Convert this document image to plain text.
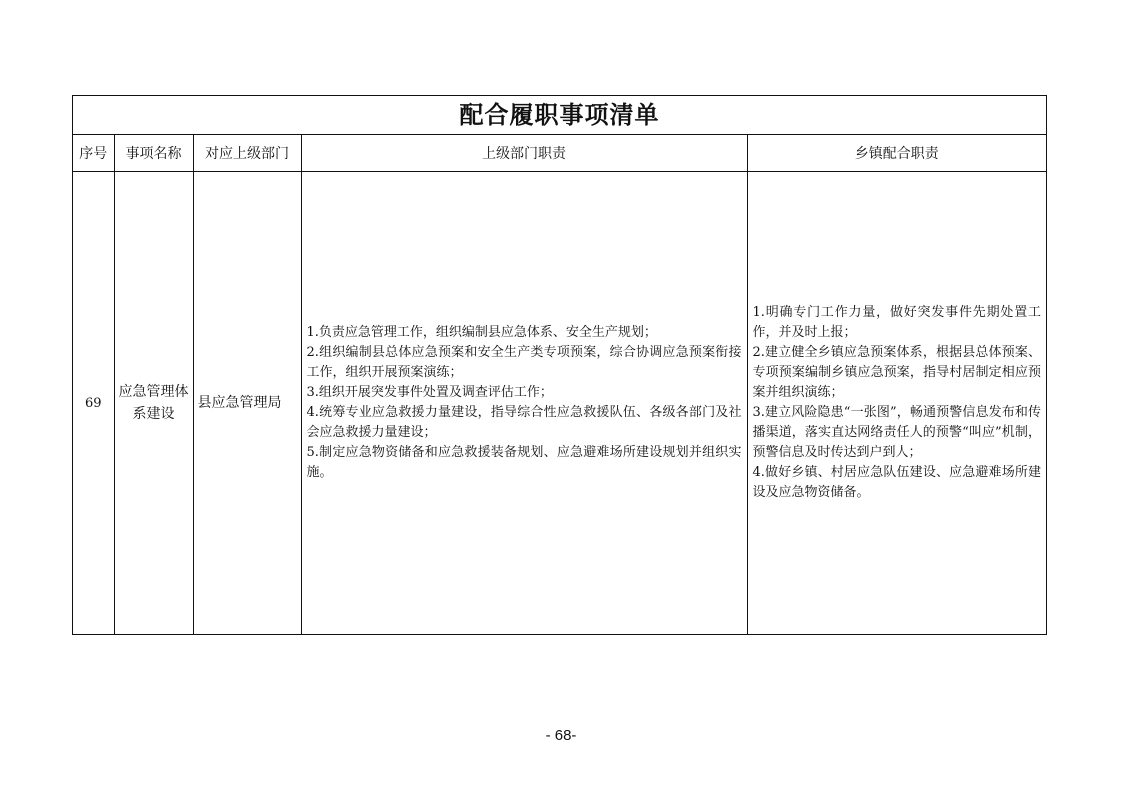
配合履职事项清单
序号	事项名称	对应上级部门	上级部门职责	乡镇配合职责
69	应急管理体系建设	县应急管理局	1.负责应急管理工作，组织编制县应急体系、安全生产规划；
2.组织编制县总体应急预案和安全生产类专项预案，综合协调应急预案衔接工作，组织开展预案演练；
3.组织开展突发事件处置及调查评估工作；
4.统筹专业应急救援力量建设，指导综合性应急救援队伍、各级各部门及社会应急救援力量建设；
5.制定应急物资储备和应急救援装备规划、应急避难场所建设规划并组织实施。	1.明确专门工作力量，做好突发事件先期处置工作，并及时上报；
2.建立健全乡镇应急预案体系，根据县总体预案、专项预案编制乡镇应急预案，指导村居制定相应预案并组织演练；
3.建立风险隐患“一张图”，畅通预警信息发布和传播渠道，落实直达网络责任人的预警“叫应”机制，预警信息及时传达到户到人；
4.做好乡镇、村居应急队伍建设、应急避难场所建设及应急物资储备。
- 68-
